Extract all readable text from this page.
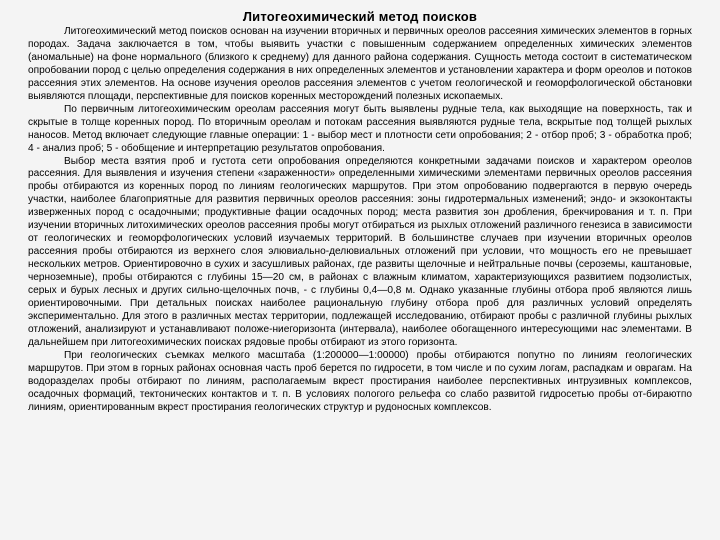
Литогеохимический метод поисков

Литогеохимический метод поисков основан на изучении вторичных и первичных ореолов рассеяния химических элементов в горных породах. Задача заключается в том, чтобы выявить участки с повышенным содержанием определенных химических элементов (аномальные) на фоне нормального (близкого к среднему) для данного района содержания. Сущность метода состоит в систематическом опробовании пород с целью определения содержания в них определенных элементов и установлении характера и форм ореолов и потоков рассеяния этих элементов. На основе изучения ореолов рассеяния элементов с учетом геологической и геоморфологической обстановки выявляются площади, перспективные для поисков коренных месторождений полезных ископаемых.

По первичным литогеохимическим ореолам рассеяния могут быть выявлены рудные тела, как выходящие на поверхность, так и скрытые в толще коренных пород. По вторичным ореолам и потокам рассеяния выявляются рудные тела, вскрытые под толщей рыхлых наносов. Метод включает следующие главные операции: 1 - выбор мест и плотности сети опробования; 2 - отбор проб; 3 - обработка проб; 4 - анализ проб; 5 - обобщение и интерпретацию результатов опробования.

Выбор места взятия проб и густота сети опробования определяются конкретными задачами поисков и характером ореолов рассеяния. Для выявления и изучения степени «зараженности» определенными химическими элементами первичных ореолов рассеяния пробы отбираются из коренных пород по линиям геологических маршрутов. При этом опробованию подвергаются в первую очередь участки, наиболее благоприятные для развития первичных ореолов рассеяния: зоны гидротермальных изменений; эндо- и экзоконтакты изверженных пород с осадочными; продуктивные фации осадочных пород; места развития зон дробления, брекчирования и т. п. При изучении вторичных литохимических ореолов рассеяния пробы могут отбираться из рыхлых отложений различного генезиса в зависимости от геологических и геоморфологических условий изучаемых территорий. В большинстве случаев при изучении вторичных ореолов рассеяния пробы отбираются из верхнего слоя элювиально-делювиальных отложений при условии, что мощность его не превышает нескольких метров. Ориентировочно в сухих и засушливых районах, где развиты щелочные и нейтральные почвы (сероземы, каштановые, черноземные), пробы отбираются с глубины 15—20 см, в районах с влажным климатом, характеризующихся развитием подзолистых, серых и бурых лесных и других сильно-щелочных почв, - с глубины 0,4—0,8 м. Однако указанные глубины отбора проб являются лишь ориентировочными. При детальных поисках наиболее рациональную глубину отбора проб для различных условий определять экспериментально. Для этого в различных местах территории, подлежащей исследованию, отбирают пробы с различной глубины рыхлых отложений, анализируют и устанавливают положе-ниегоризонта (интервала), наиболее обогащенного интересующими нас элементами. В дальнейшем при литогеохимических поисках рядовые пробы отбирают из этого горизонта.

При геологических съемках мелкого масштаба (1:200000—1:00000) пробы отбираются попутно по линиям геологических маршрутов. При этом в горных районах основная часть проб берется по гидросети, в том числе и по сухим логам, распадкам и оврагам. На водоразделах пробы отбирают по линиям, располагаемым вкрест простирания наиболее перспективных интрузивных комплексов, осадочных формаций, тектонических контактов и т. п. В условиях пологого рельефа со слабо развитой гидросетью пробы от-бираютпо линиям, ориентированным вкрест простирания геологических структур и рудоносных комплексов.
